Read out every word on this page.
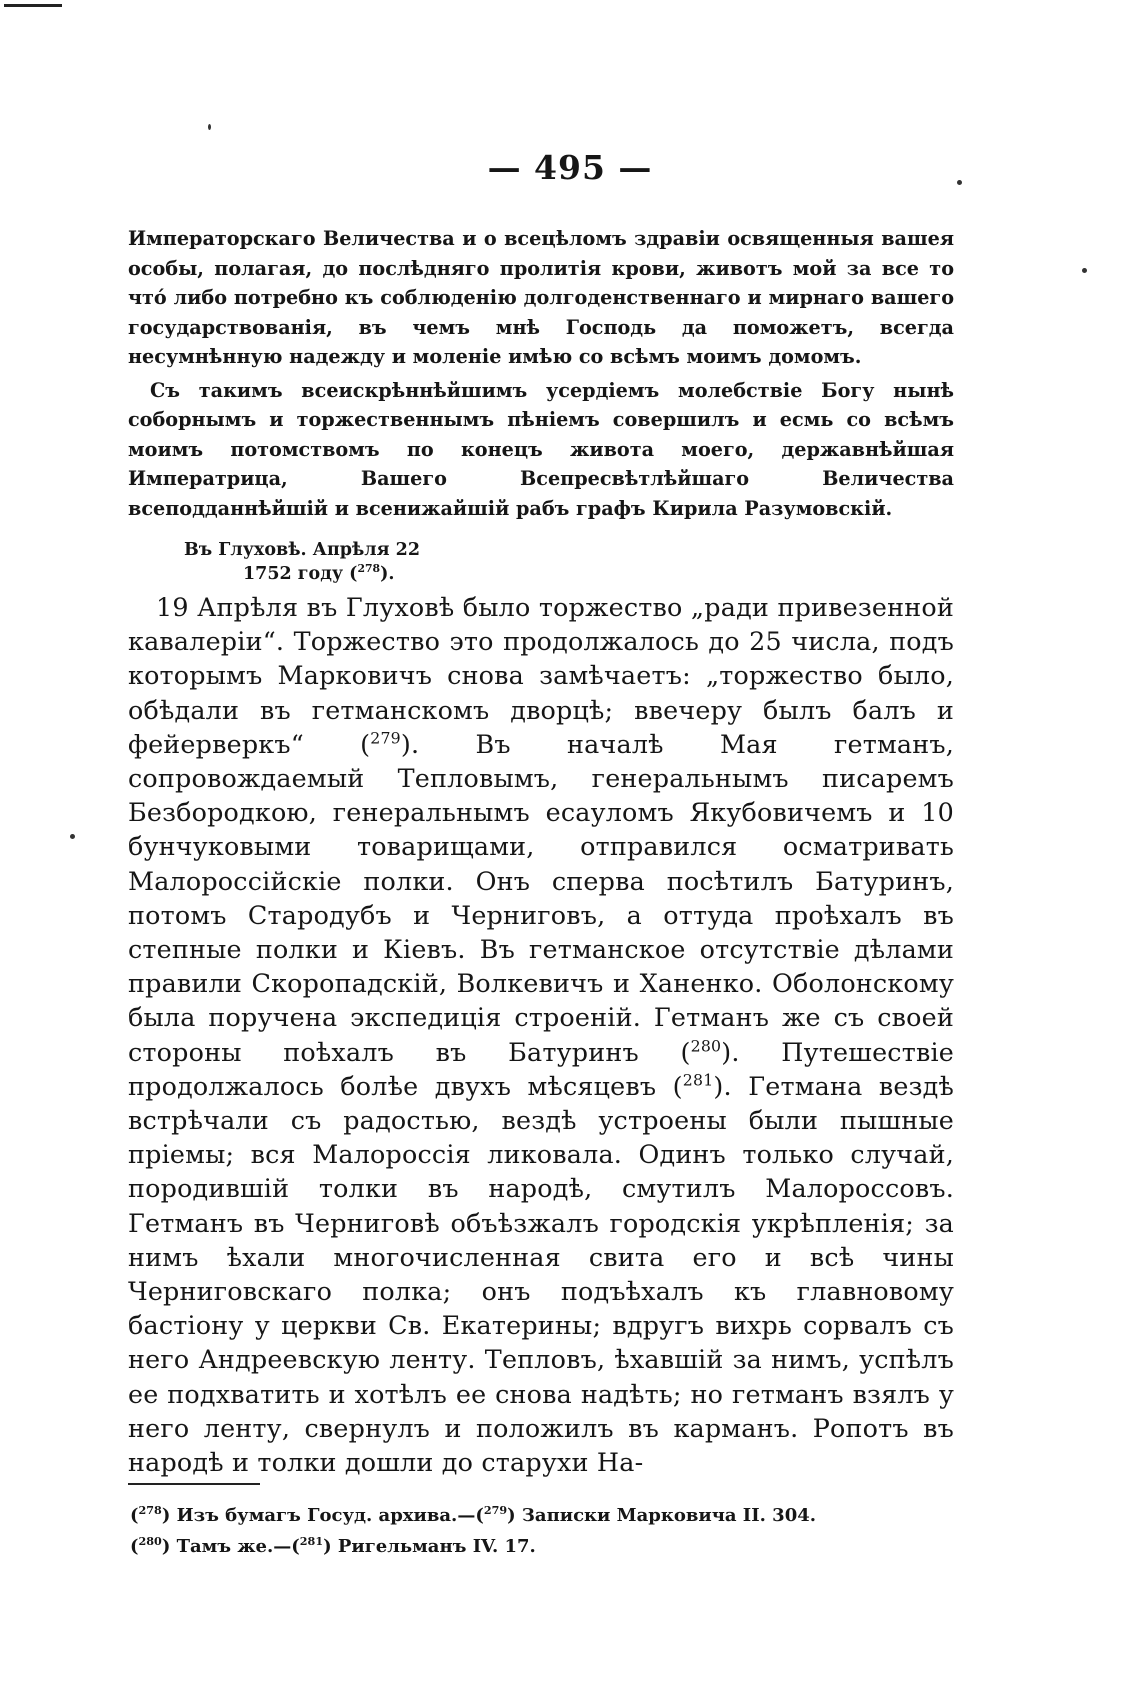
— 495 —

Императорскаго Величества и о всецѣломъ здравіи освященныя вашея особы, полагая, до послѣдняго пролитія крови, животъ мой за все то что́ либо потребно къ соблюденію долгоденственнаго и мирнаго вашего государствованія, въ чемъ мнѣ Господь да поможетъ, всегда несумнѣнную надежду и моленіе имѣю со всѣмъ моимъ домомъ.

Съ такимъ всеискрѣннѣйшимъ усердіемъ молебствіе Богу нынѣ соборнымъ и торжественнымъ пѣніемъ совершилъ и есмь со всѣмъ моимъ потомствомъ по конецъ живота моего, державнѣйшая Императрица, Вашего Всепресвѣтлѣйшаго Величества всеподданнѣйшій и всенижайшій рабъ графъ Кирила Разумовскій.

Въ Глуховѣ. Апрѣля 22
1752 году ($^{278}$).

19 Апрѣля въ Глуховѣ было торжество „ради привезенной кавалеріи“. Торжество это продолжалось до 25 числа, подъ которымъ Марковичъ снова замѣчаетъ: „торжество было, обѣдали въ гетманскомъ дворцѣ; ввечеру былъ балъ и фейерверкъ“ ($^{279}$). Въ началѣ Мая гетманъ, сопровождаемый Тепловымъ, генеральнымъ писаремъ Безбородкою, генеральнымъ есауломъ Якубовичемъ и 10 бунчуковыми товарищами, отправился осматривать Малороссійскіе полки. Онъ сперва посѣтилъ Батуринъ, потомъ Стародубъ и Черниговъ, а оттуда проѣхалъ въ степные полки и Кіевъ. Въ гетманское отсутствіе дѣлами правили Скоропадскій, Волкевичъ и Ханенко. Оболонскому была поручена экспедиція строеній. Гетманъ же съ своей стороны поѣхалъ въ Батуринъ ($^{280}$). Путешествіе продолжалось болѣе двухъ мѣсяцевъ ($^{281}$). Гетмана вездѣ встрѣчали съ радостью, вездѣ устроены были пышные пріемы; вся Малороссія ликовала. Одинъ только случай, породившій толки въ народѣ, смутилъ Малороссовъ. Гетманъ въ Черниговѣ объѣзжалъ городскія укрѣпленія; за нимъ ѣхали многочисленная свита его и всѣ чины Черниговскаго полка; онъ подъѣхалъ къ главновому бастіону у церкви Св. Екатерины; вдругъ вихрь сорвалъ съ него Андреевскую ленту. Тепловъ, ѣхавшій за нимъ, успѣлъ ее подхватить и хотѣлъ ее снова надѣть; но гетманъ взялъ у него ленту, свернулъ и положилъ въ карманъ. Ропотъ въ народѣ и толки дошли до старухи На-

($^{278}$) Изъ бумагъ Госуд. архива.—($^{279}$) Записки Марковича II. 304.
($^{280}$) Тамъ же.—($^{281}$) Ригельманъ IV. 17.
